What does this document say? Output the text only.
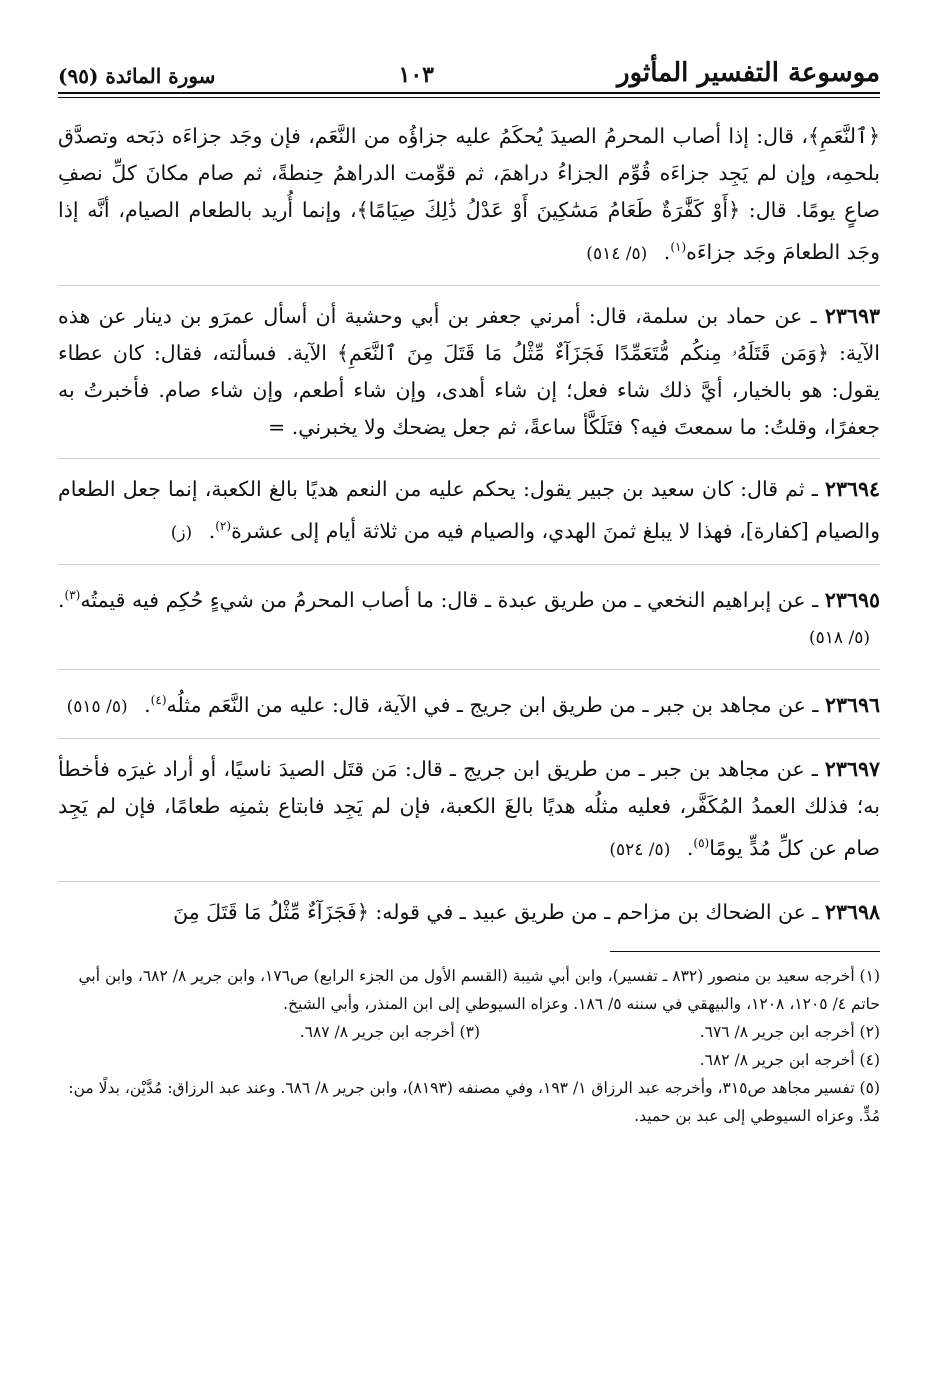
موسوعة التفسير المأثور
١٠٣
سورة المائدة (٩٥)

﴿ٱلنَّعَمِ﴾، قال: إذا أصاب المحرمُ الصيدَ يُحكَمُ عليه جزاؤُه من النَّعَم، فإن وجَد جزاءَه ذبَحه وتصدَّق بلحمِه، وإن لم يَجِد جزاءَه قُوِّم الجزاءُ دراهمَ، ثم قوِّمت الدراهمُ حِنطةً، ثم صام مكانَ كلِّ نصفِ صاعٍ يومًا. قال: ﴿أَوْ كَفَّٰرَةٌ طَعَامُ مَسَٰكِينَ أَوْ عَدْلُ ذَٰلِكَ صِيَامًا﴾، وإنما أُريد بالطعام الصيام، أنَّه إذا وجَد الطعامَ وجَد جزاءَه$^{(١)}$. (٥/ ٥١٤)

٢٣٦٩٣ ـ عن حماد بن سلمة، قال: أمرني جعفر بن أبي وحشية أن أسأل عمرَو بن دينار عن هذه الآية: ﴿وَمَن قَتَلَهُۥ مِنكُم مُّتَعَمِّدًا فَجَزَآءٌ مِّثْلُ مَا قَتَلَ مِنَ ٱلنَّعَمِ﴾ الآية. فسألته، فقال: كان عطاء يقول: هو بالخيار، أيَّ ذلك شاء فعل؛ إن شاء أهدى، وإن شاء أطعم، وإن شاء صام. فأخبرتُ به جعفرًا، وقلتُ: ما سمعتَ فيه؟ فتَلَكَّأ ساعةً، ثم جعل يضحك ولا يخبرني. =

٢٣٦٩٤ ـ ثم قال: كان سعيد بن جبير يقول: يحكم عليه من النعم هديًا بالغ الكعبة، إنما جعل الطعام والصيام [كفارة]، فهذا لا يبلغ ثمنَ الهدي، والصيام فيه من ثلاثة أيام إلى عشرة$^{(٢)}$. (ز)

٢٣٦٩٥ ـ عن إبراهيم النخعي ـ من طريق عبدة ـ قال: ما أصاب المحرمُ من شيءٍ حُكِم فيه قيمتُه$^{(٣)}$. (٥/ ٥١٨)

٢٣٦٩٦ ـ عن مجاهد بن جبر ـ من طريق ابن جريج ـ في الآية، قال: عليه من النَّعَم مثلُه$^{(٤)}$. (٥/ ٥١٥)

٢٣٦٩٧ ـ عن مجاهد بن جبر ـ من طريق ابن جريج ـ قال: مَن قتَل الصيدَ ناسيًا، أو أراد غيرَه فأخطأ به؛ فذلك العمدُ المُكَفَّر، فعليه مثلُه هديًا بالغَ الكعبة، فإن لم يَجِد فابتاع بثمنِه طعامًا، فإن لم يَجِد صام عن كلِّ مُدٍّ يومًا$^{(٥)}$. (٥/ ٥٢٤)

٢٣٦٩٨ ـ عن الضحاك بن مزاحم ـ من طريق عبيد ـ في قوله: ﴿فَجَزَآءٌ مِّثْلُ مَا قَتَلَ مِنَ

(١) أخرجه سعيد بن منصور (٨٣٢ ـ تفسير)، وابن أبي شيبة (القسم الأول من الجزء الرابع) ص١٧٦، وابن جرير ٨/ ٦٨٢، وابن أبي حاتم ٤/ ١٢٠٥، ١٢٠٨، والبيهقي في سننه ٥/ ١٨٦. وعزاه السيوطي إلى ابن المنذر، وأبي الشيخ.

(٢) أخرجه ابن جرير ٨/ ٦٧٦.

(٣) أخرجه ابن جرير ٨/ ٦٨٧.

(٤) أخرجه ابن جرير ٨/ ٦٨٢.

(٥) تفسير مجاهد ص٣١٥، وأخرجه عبد الرزاق ١/ ١٩٣، وفي مصنفه (٨١٩٣)، وابن جرير ٨/ ٦٨٦. وعند عبد الرزاق: مُدَّيْن، بدلًا من: مُدٍّ. وعزاه السيوطي إلى عبد بن حميد.
